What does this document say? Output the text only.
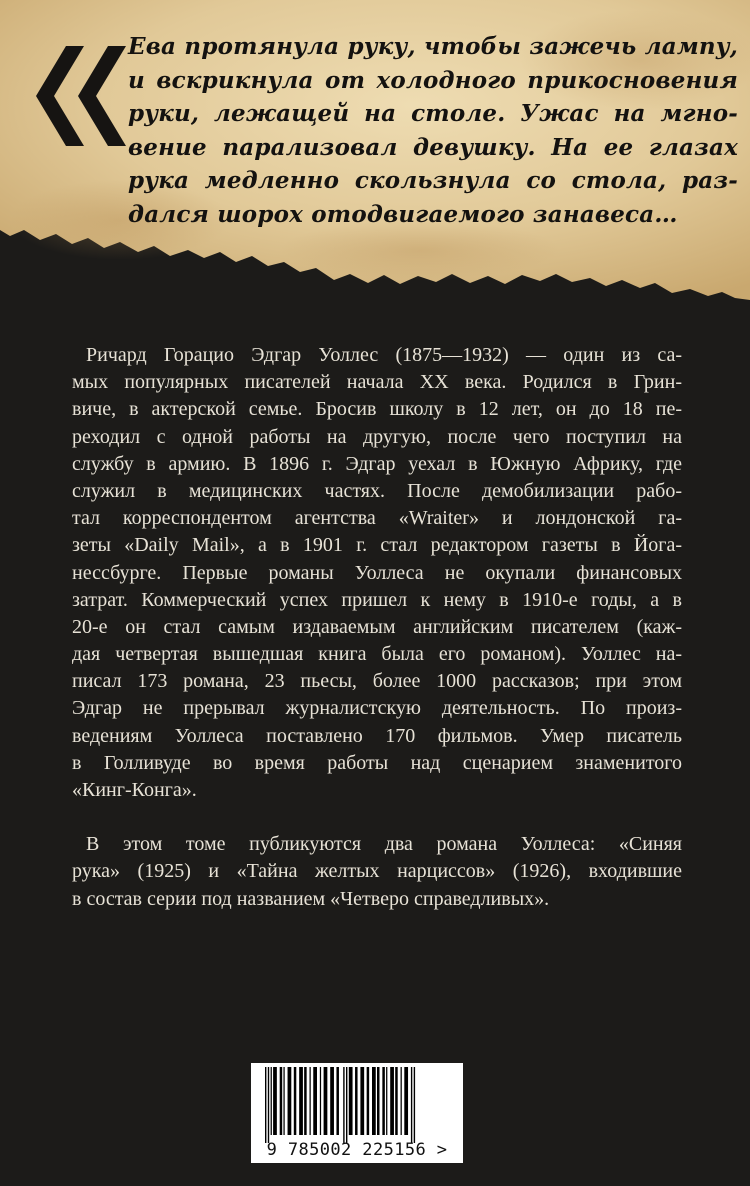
Ева протянула руку, чтобы зажечь лампу,
и вскрикнула от холодного прикосновения
руки, лежащей на столе. Ужас на мгно-
вение парализовал девушку. На ее глазах
рука медленно скользнула со стола, раз-
дался шорох отодвигаемого занавеса…
Ричард Горацио Эдгар Уоллес (1875—1932) — один из са-
мых популярных писателей начала XX века. Родился в Грин-
виче, в актерской семье. Бросив школу в 12 лет, он до 18 пе-
реходил с одной работы на другую, после чего поступил на
службу в армию. В 1896 г. Эдгар уехал в Южную Африку, где
служил в медицинских частях. После демобилизации рабо-
тал корреспондентом агентства «Wraiter» и лондонской га-
зеты «Daily Mail», а в 1901 г. стал редактором газеты в Йога-
нессбурге. Первые романы Уоллеса не окупали финансовых
затрат. Коммерческий успех пришел к нему в 1910-е годы, а в
20-е он стал самым издаваемым английским писателем (каж-
дая четвертая вышедшая книга была его романом). Уоллес на-
писал 173 романа, 23 пьесы, более 1000 рассказов; при этом
Эдгар не прерывал журналистскую деятельность. По произ-
ведениям Уоллеса поставлено 170 фильмов. Умер писатель
в Голливуде во время работы над сценарием знаменитого
«Кинг-Конга».
В этом томе публикуются два романа Уоллеса: «Синяя
рука» (1925) и «Тайна желтых нарциссов» (1926), входившие
в состав серии под названием «Четверо справедливых».
9 785002 225156 >
